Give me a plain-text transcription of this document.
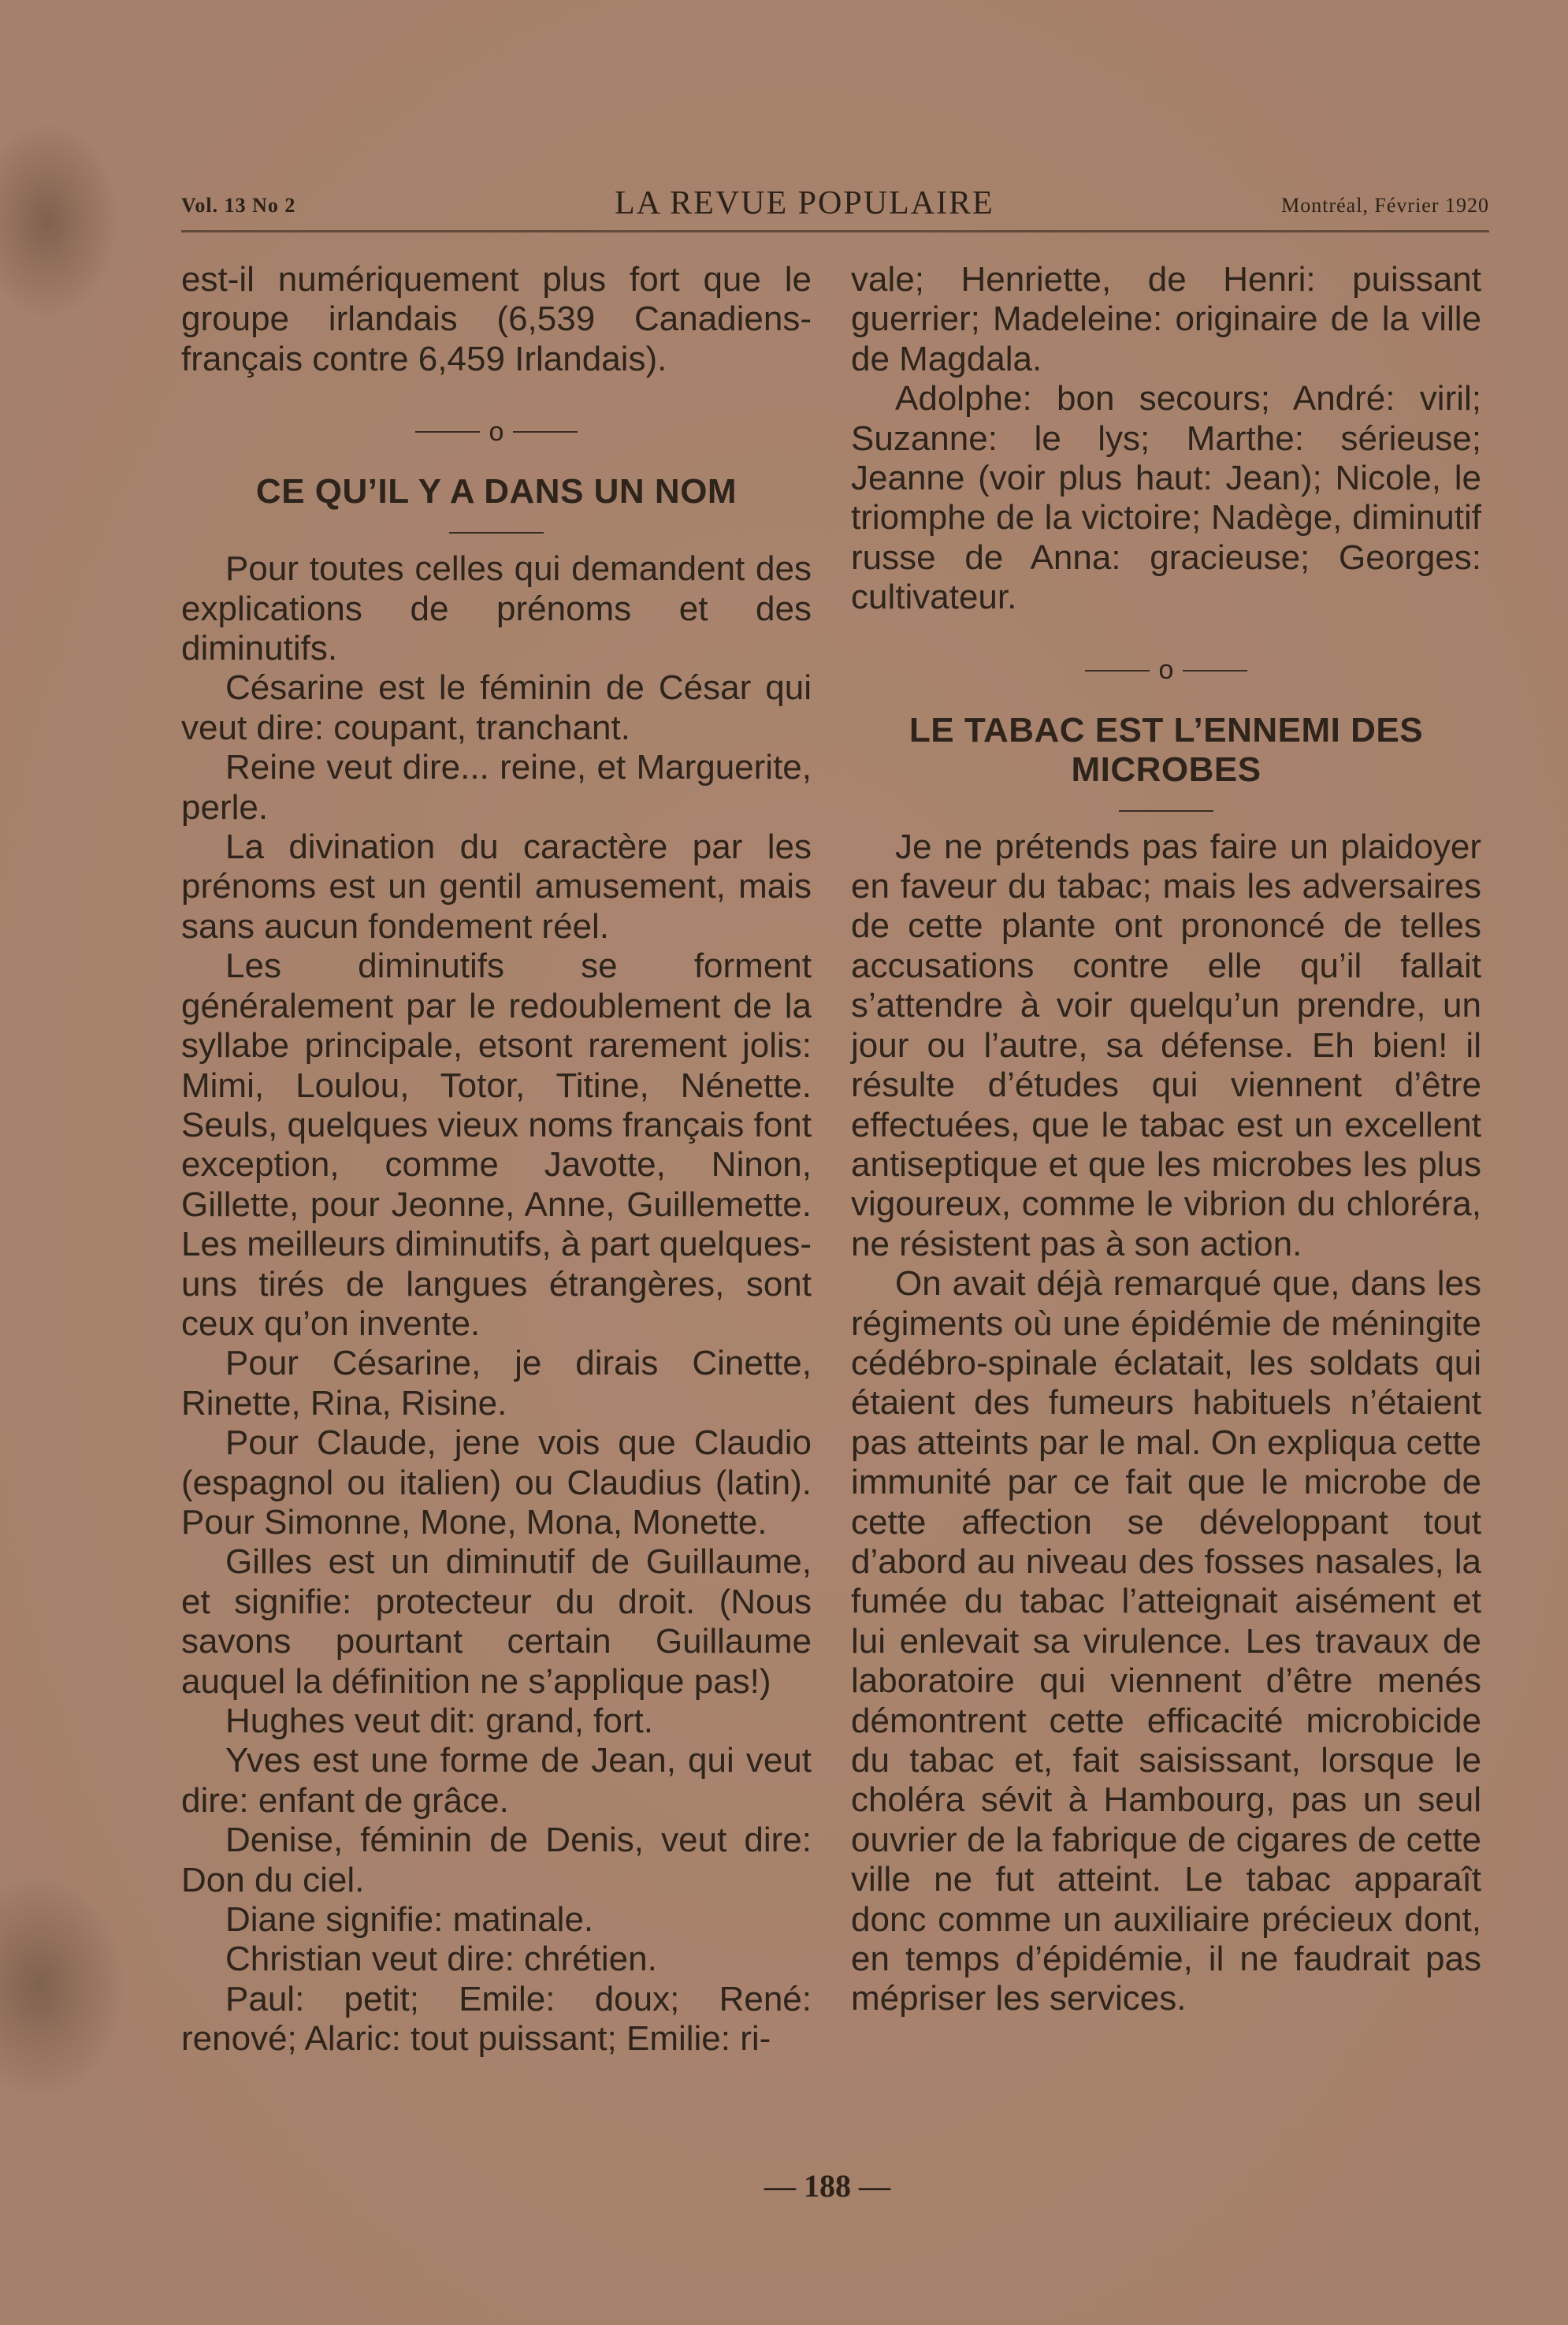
Vol. 13 No 2	LA REVUE POPULAIRE	Montréal, Février 1920

est-il numériquement plus fort que le groupe irlandais (6,539 Canadiens-français contre 6,459 Irlandais).

o
CE QU’IL Y A DANS UN NOM

Pour toutes celles qui demandent des explications de prénoms et des diminutifs.

Césarine est le féminin de César qui veut dire: coupant, tranchant.

Reine veut dire... reine, et Marguerite, perle.

La divination du caractère par les prénoms est un gentil amusement, mais sans aucun fondement réel.

Les diminutifs se forment généralement par le redoublement de la syllabe principale, etsont rarement jolis: Mimi, Loulou, Totor, Titine, Nénette. Seuls, quelques vieux noms français font exception, comme Javotte, Ninon, Gillette, pour Jeonne, Anne, Guillemette. Les meilleurs diminutifs, à part quelques-uns tirés de langues étrangères, sont ceux qu’on invente.

Pour Césarine, je dirais Cinette, Rinette, Rina, Risine.

Pour Claude, jene vois que Claudio (espagnol ou italien) ou Claudius (latin). Pour Simonne, Mone, Mona, Monette.

Gilles est un diminutif de Guillaume, et signifie: protecteur du droit. (Nous savons pourtant certain Guillaume auquel la définition ne s’applique pas!)

Hughes veut dit: grand, fort.

Yves est une forme de Jean, qui veut dire: enfant de grâce.

Denise, féminin de Denis, veut dire: Don du ciel.

Diane signifie: matinale.

Christian veut dire: chrétien.

Paul: petit; Emile: doux; René: renové; Alaric: tout puissant; Emilie: ri-

vale; Henriette, de Henri: puissant guerrier; Madeleine: originaire de la ville de Magdala.

Adolphe: bon secours; André: viril; Suzanne: le lys; Marthe: sérieuse; Jeanne (voir plus haut: Jean); Nicole, le triomphe de la victoire; Nadège, diminutif russe de Anna: gracieuse; Georges: cultivateur.

o
LE TABAC EST L’ENNEMI DES MICROBES

Je ne prétends pas faire un plaidoyer en faveur du tabac; mais les adversaires de cette plante ont prononcé de telles accusations contre elle qu’il fallait s’attendre à voir quelqu’un prendre, un jour ou l’autre, sa défense. Eh bien! il résulte d’études qui viennent d’être effectuées, que le tabac est un excellent antiseptique et que les microbes les plus vigoureux, comme le vibrion du chloréra, ne résistent pas à son action.

On avait déjà remarqué que, dans les régiments où une épidémie de méningite cédébro-spinale éclatait, les soldats qui étaient des fumeurs habituels n’étaient pas atteints par le mal. On expliqua cette immunité par ce fait que le microbe de cette affection se développant tout d’abord au niveau des fosses nasales, la fumée du tabac l’atteignait aisément et lui enlevait sa virulence. Les travaux de laboratoire qui viennent d’être menés démontrent cette efficacité microbicide du tabac et, fait saisissant, lorsque le choléra sévit à Hambourg, pas un seul ouvrier de la fabrique de cigares de cette ville ne fut atteint. Le tabac apparaît donc comme un auxiliaire précieux dont, en temps d’épidémie, il ne faudrait pas mépriser les services.

— 188 —
